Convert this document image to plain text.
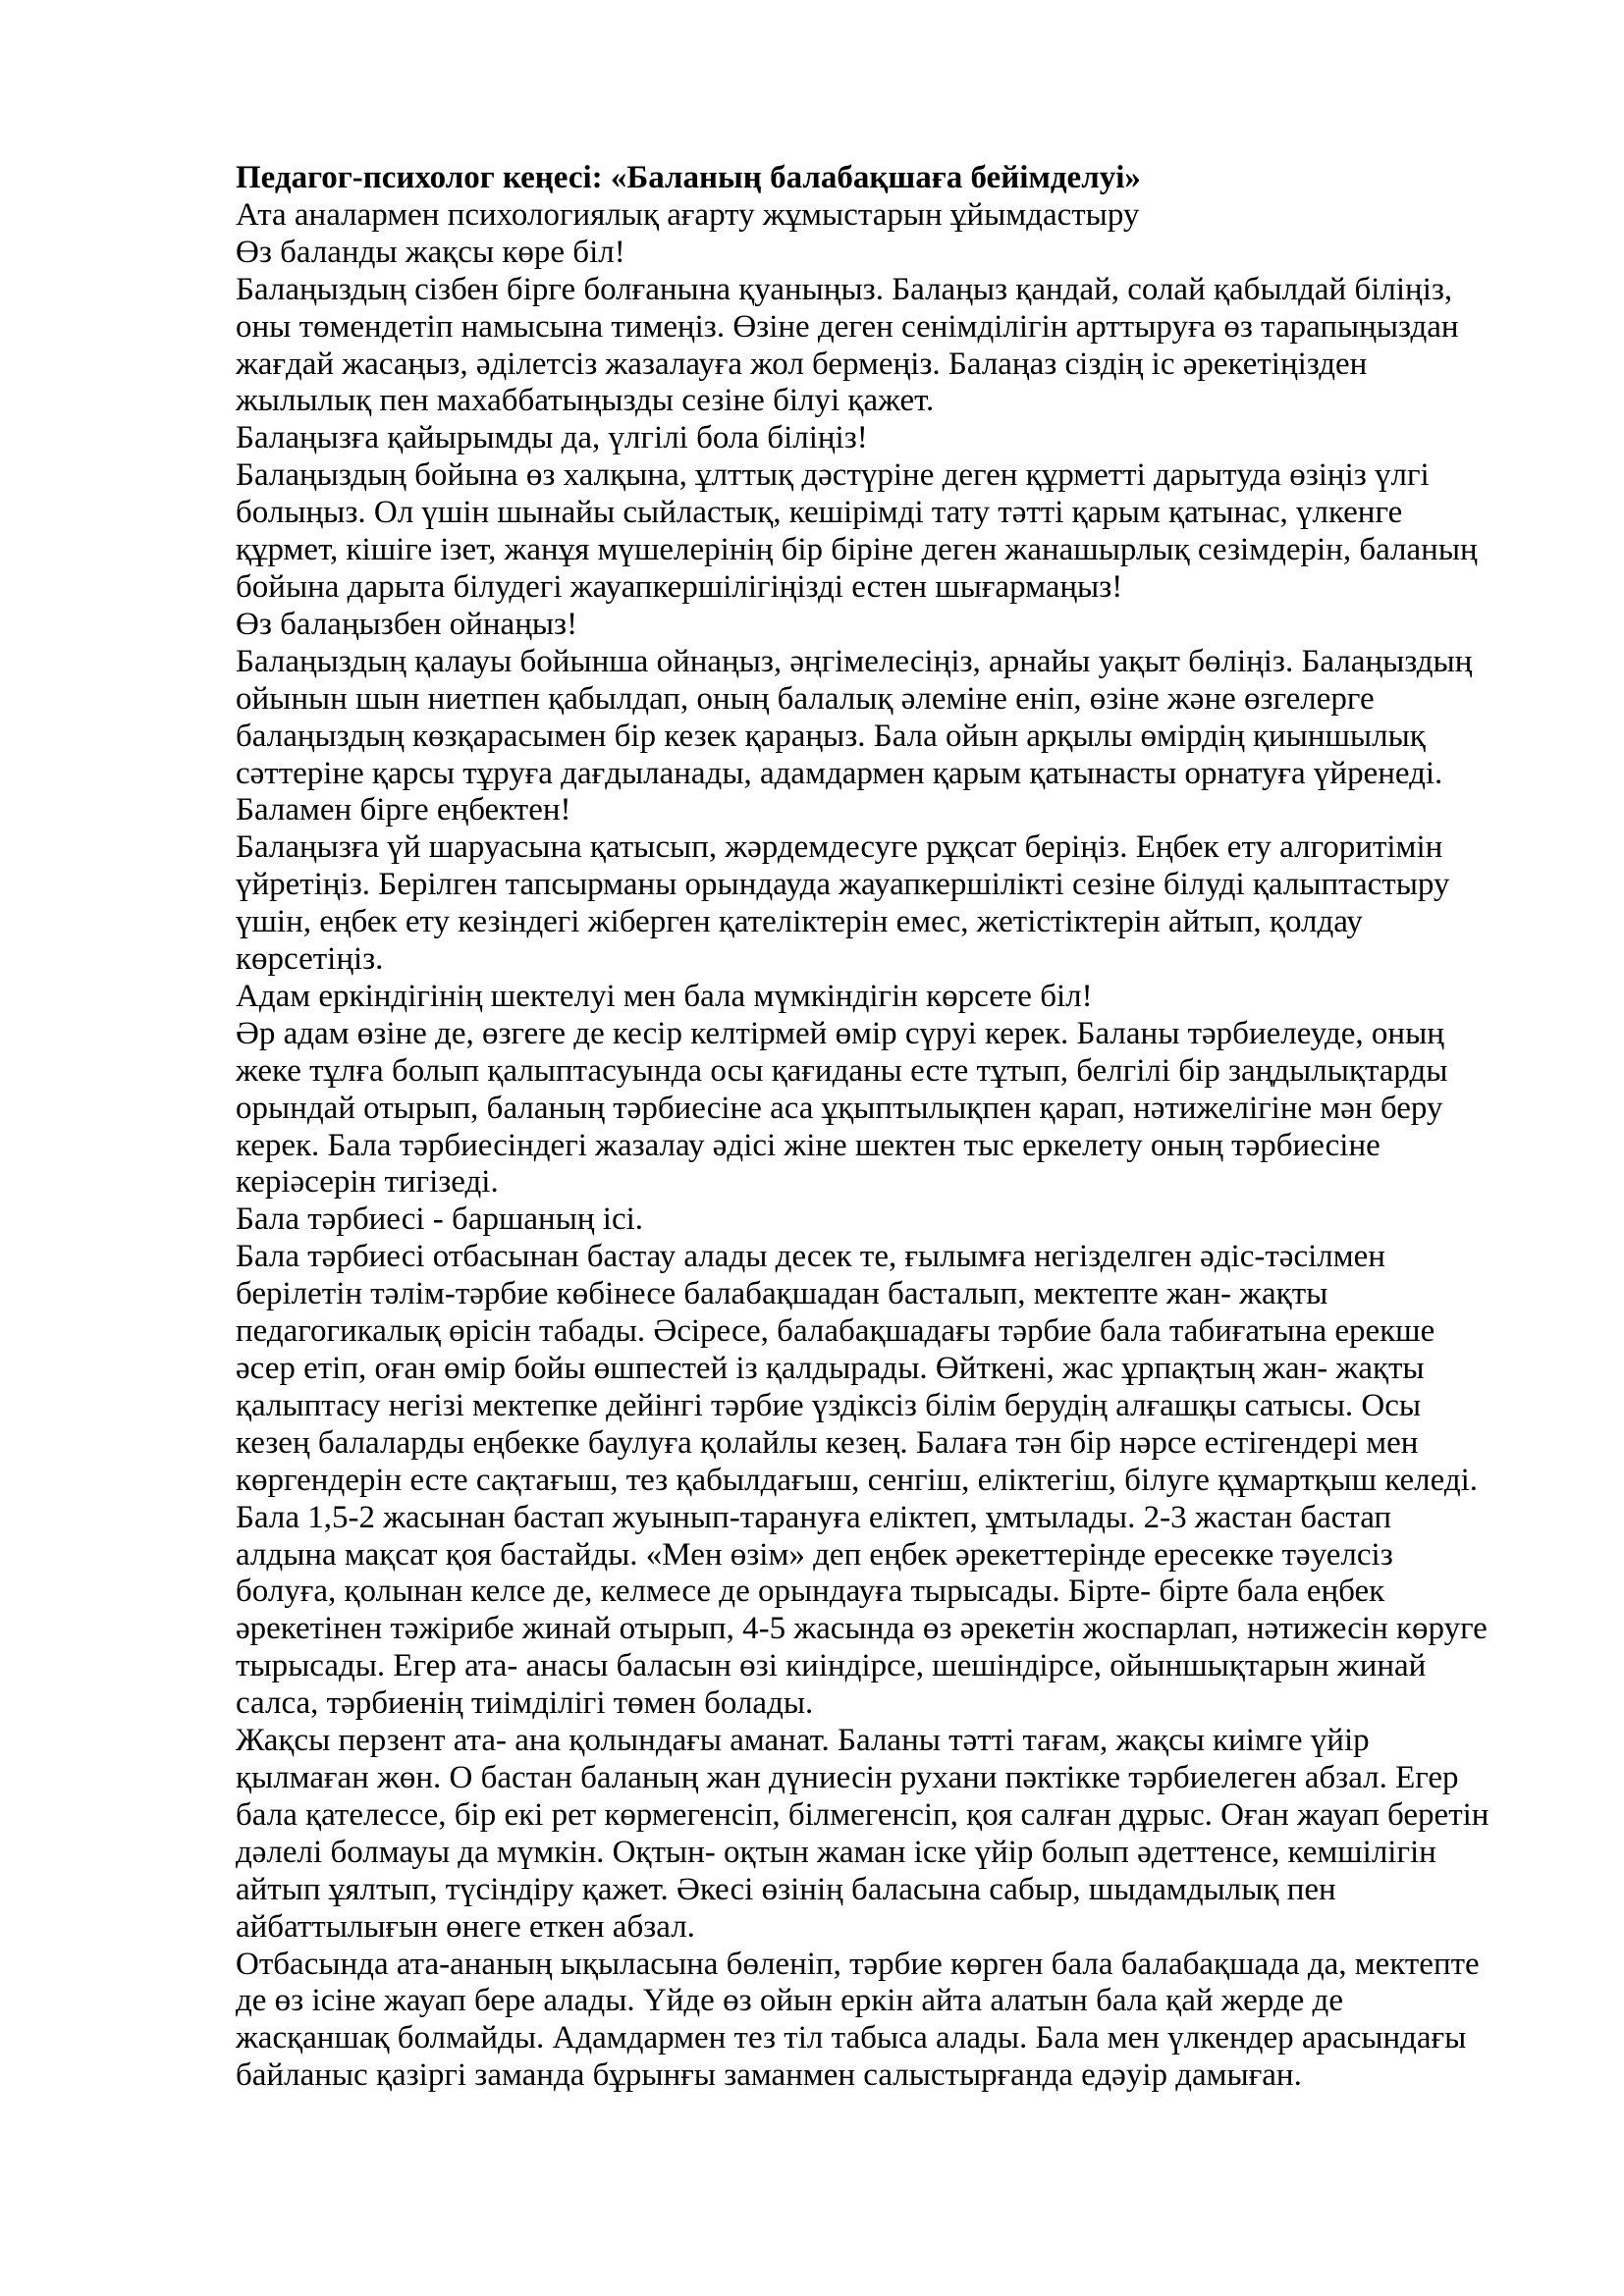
Педагог-психолог кеңесі: «Баланың балабақшаға бейімделуі»
Ата аналармен психологиялық ағарту жұмыстарын ұйымдастыру
Өз баланды жақсы көре біл!
Балаңыздың сізбен бірге болғанына қуаныңыз. Балаңыз қандай, солай қабылдай біліңіз,
оны төмендетіп намысына тимеңіз. Өзіне деген сенімділігін арттыруға өз тарапыңыздан
жағдай жасаңыз, әділетсіз жазалауға жол бермеңіз. Балаңаз сіздің іс әрекетіңізден
жылылық пен махаббатыңызды сезіне білуі қажет.
Балаңызға қайырымды да, үлгілі бола біліңіз!
Балаңыздың бойына өз халқына, ұлттық дәстүріне деген құрметті дарытуда өзіңіз үлгі
болыңыз. Ол үшін шынайы сыйластық, кешірімді тату тәтті қарым қатынас, үлкенге
құрмет, кішіге ізет, жанұя мүшелерінің бір біріне деген жанашырлық сезімдерін, баланың
бойына дарыта білудегі жауапкершілігіңізді естен шығармаңыз!
Өз балаңызбен ойнаңыз!
Балаңыздың қалауы бойынша ойнаңыз, әңгімелесіңіз, арнайы уақыт бөліңіз. Балаңыздың
ойынын шын ниетпен қабылдап, оның балалық әлеміне еніп, өзіне және өзгелерге
балаңыздың көзқарасымен бір кезек қараңыз. Бала ойын арқылы өмірдің қиыншылық
сәттеріне қарсы тұруға дағдыланады, адамдармен қарым қатынасты орнатуға үйренеді.
Баламен бірге еңбектен!
Балаңызға үй шаруасына қатысып, жәрдемдесуге рұқсат беріңіз. Еңбек ету алгоритімін
үйретіңіз. Берілген тапсырманы орындауда жауапкершілікті сезіне білуді қалыптастыру
үшін, еңбек ету кезіндегі жіберген қателіктерін емес, жетістіктерін айтып, қолдау
көрсетіңіз.
Адам еркіндігінің шектелуі мен бала мүмкіндігін көрсете біл!
Әр адам өзіне де, өзгеге де кесір келтірмей өмір сүруі керек. Баланы тәрбиелеуде, оның
жеке тұлға болып қалыптасуында осы қағиданы есте тұтып, белгілі бір заңдылықтарды
орындай отырып, баланың тәрбиесіне аса ұқыптылықпен қарап, нәтижелігіне мән беру
керек. Бала тәрбиесіндегі жазалау әдісі жіне шектен тыс еркелету оның тәрбиесіне
керіәсерін тигізеді.
Бала тәрбиесі - баршаның ісі.
Бала тәрбиесі отбасынан бастау алады десек те, ғылымға негізделген әдіс-тәсілмен
берілетін тәлім-тәрбие көбінесе балабақшадан басталып, мектепте жан- жақты
педагогикалық өрісін табады. Әсіресе, балабақшадағы тәрбие бала табиғатына ерекше
әсер етіп, оған өмір бойы өшпестей із қалдырады. Өйткені, жас ұрпақтың жан- жақты
қалыптасу негізі мектепке дейінгі тәрбие үздіксіз білім берудің алғашқы сатысы. Осы
кезең балаларды еңбекке баулуға қолайлы кезең. Балаға тән бір нәрсе естігендері мен
көргендерін есте сақтағыш, тез қабылдағыш, сенгіш, еліктегіш, білуге құмартқыш келеді.
Бала 1,5-2 жасынан бастап жуынып-тарануға еліктеп, ұмтылады. 2-3 жастан бастап
алдына мақсат қоя бастайды. «Мен өзім» деп еңбек әрекеттерінде ересекке тәуелсіз
болуға, қолынан келсе де, келмесе де орындауға тырысады. Бірте- бірте бала еңбек
әрекетінен тәжірибе жинай отырып, 4-5 жасында өз әрекетін жоспарлап, нәтижесін көруге
тырысады. Егер ата- анасы баласын өзі киіндірсе, шешіндірсе, ойыншықтарын жинай
салса, тәрбиенің тиімділігі төмен болады.
Жақсы перзент ата- ана қолындағы аманат. Баланы тәтті тағам, жақсы киімге үйір
қылмаған жөн. О бастан баланың жан дүниесін рухани пәктікке тәрбиелеген абзал. Егер
бала қателессе, бір екі рет көрмегенсіп, білмегенсіп, қоя салған дұрыс. Оған жауап беретін
дәлелі болмауы да мүмкін. Оқтын- оқтын жаман іске үйір болып әдеттенсе, кемшілігін
айтып ұялтып, түсіндіру қажет. Әкесі өзінің баласына сабыр, шыдамдылық пен
айбаттылығын өнеге еткен абзал.
Отбасында ата-ананың ықыласына бөленіп, тәрбие көрген бала балабақшада да, мектепте
де өз ісіне жауап бере алады. Үйде өз ойын еркін айта алатын бала қай жерде де
жасқаншақ болмайды. Адамдармен тез тіл табыса алады. Бала мен үлкендер арасындағы
байланыс қазіргі заманда бұрынғы заманмен салыстырғанда едәуір дамыған.
